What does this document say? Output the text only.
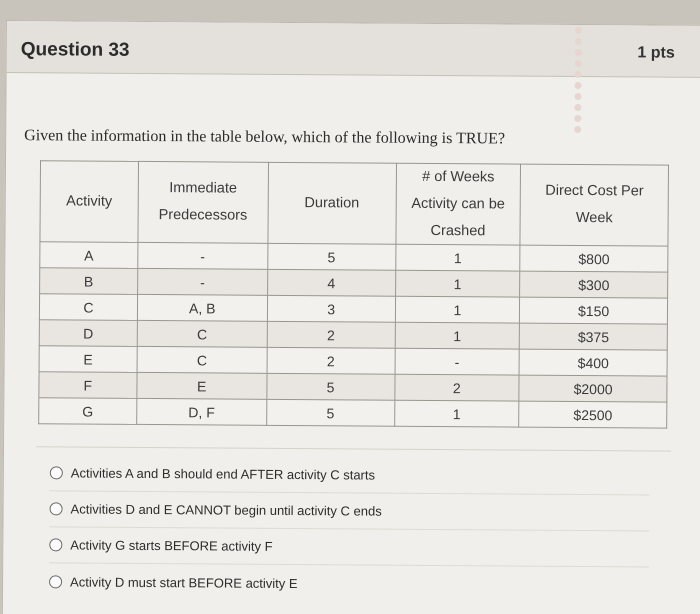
Question 33	1 pts
Given the information in the table below, which of the following is TRUE?
Activity	Immediate Predecessors	Duration	# of Weeks Activity can be Crashed	Direct Cost Per Week
A	-	5	1	$800
B	-	4	1	$300
C	A, B	3	1	$150
D	C	2	1	$375
E	C	2	-	$400
F	E	5	2	$2000
G	D, F	5	1	$2500
Activities A and B should end AFTER activity C starts
Activities D and E CANNOT begin until activity C ends
Activity G starts BEFORE activity F
Activity D must start BEFORE activity E
